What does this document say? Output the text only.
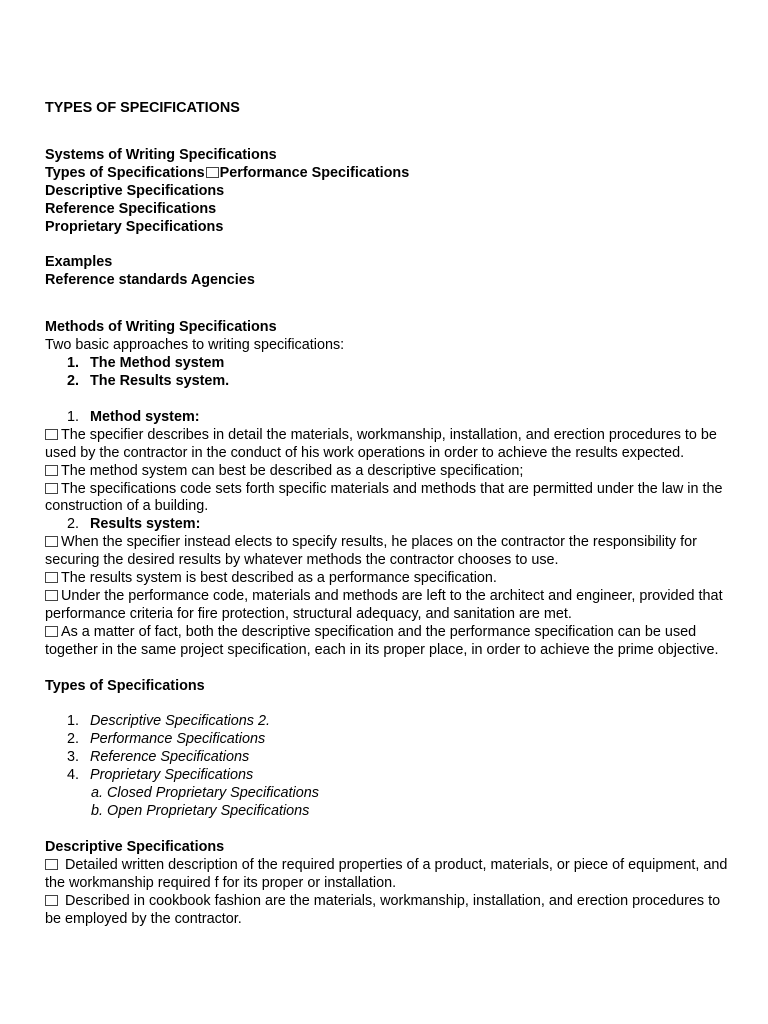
TYPES OF SPECIFICATIONS
Systems of Writing Specifications
Types of Specifications Performance Specifications
Descriptive Specifications
Reference Specifications
Proprietary Specifications
Examples
Reference standards Agencies
Methods of Writing Specifications
Two basic approaches to writing specifications:
1. The Method system
2. The Results system.
1. Method system:
The specifier describes in detail the materials, workmanship, installation, and erection procedures to be used by the contractor in the conduct of his work operations in order to achieve the results expected.
The method system can best be described as a descriptive specification;
The specifications code sets forth specific materials and methods that are permitted under the law in the construction of a building.
2. Results system:
When the specifier instead elects to specify results, he places on the contractor the responsibility for securing the desired results by whatever methods the contractor chooses to use.
The results system is best described as a performance specification.
Under the performance code, materials and methods are left to the architect and engineer, provided that performance criteria for fire protection, structural adequacy, and sanitation are met.
As a matter of fact, both the descriptive specification and the performance specification can be used together in the same project specification, each in its proper place, in order to achieve the prime objective.
Types of Specifications
1. Descriptive Specifications 2.
2. Performance Specifications
3. Reference Specifications
4. Proprietary Specifications
a. Closed Proprietary Specifications
b. Open Proprietary Specifications
Descriptive Specifications
Detailed written description of the required properties of a product, materials, or piece of equipment, and the workmanship required f for its proper or installation.
Described in cookbook fashion are the materials, workmanship, installation, and erection procedures to be employed by the contractor.
